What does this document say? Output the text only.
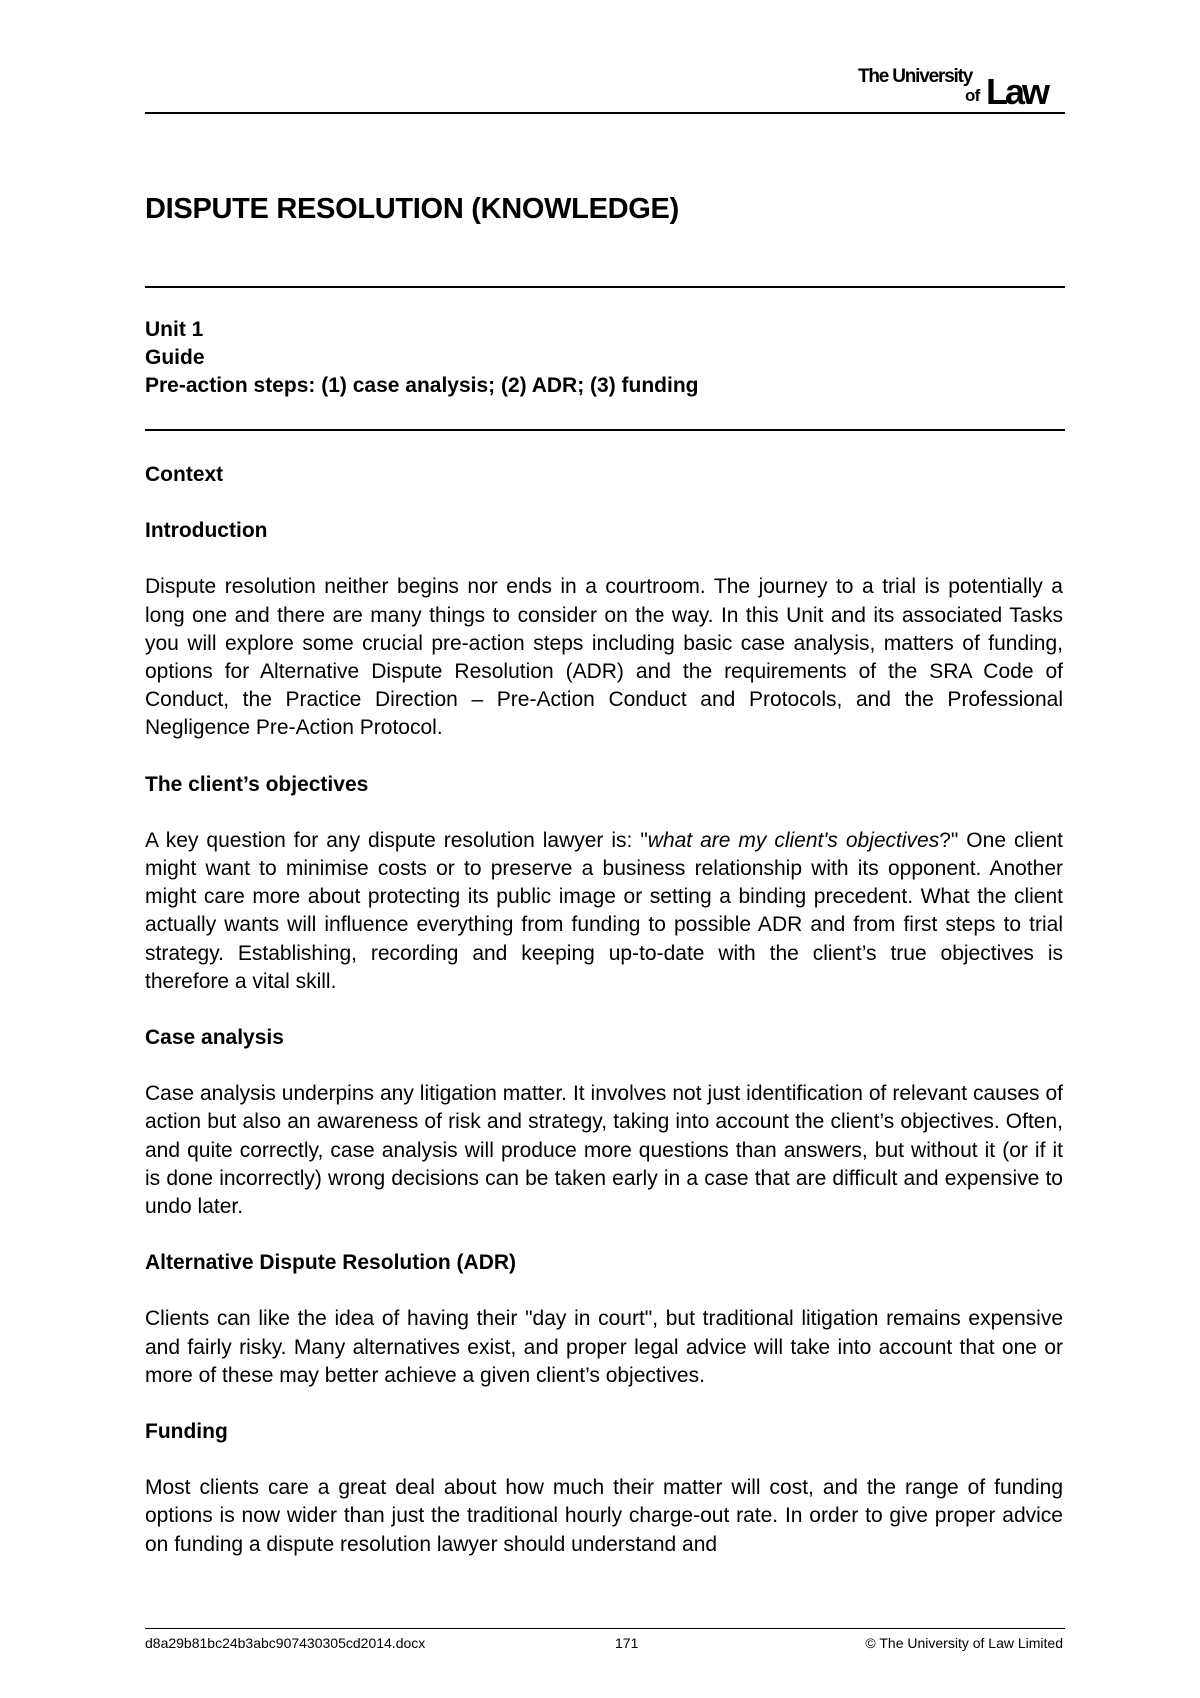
The University
of Law
DISPUTE RESOLUTION (KNOWLEDGE)
Unit 1
Guide
Pre-action steps: (1) case analysis; (2) ADR; (3) funding
Context
Introduction

Dispute resolution neither begins nor ends in a courtroom. The journey to a trial is potentially a long one and there are many things to consider on the way. In this Unit and its associated Tasks you will explore some crucial pre-action steps including basic case analysis, matters of funding, options for Alternative Dispute Resolution (ADR) and the requirements of the SRA Code of Conduct, the Practice Direction – Pre-Action Conduct and Protocols, and the Professional Negligence Pre-Action Protocol.

The client’s objectives

A key question for any dispute resolution lawyer is: "what are my client's objectives?" One client might want to minimise costs or to preserve a business relationship with its opponent. Another might care more about protecting its public image or setting a binding precedent. What the client actually wants will influence everything from funding to possible ADR and from first steps to trial strategy. Establishing, recording and keeping up-to-date with the client’s true objectives is therefore a vital skill.

Case analysis

Case analysis underpins any litigation matter. It involves not just identification of relevant causes of action but also an awareness of risk and strategy, taking into account the client’s objectives. Often, and quite correctly, case analysis will produce more questions than answers, but without it (or if it is done incorrectly) wrong decisions can be taken early in a case that are difficult and expensive to undo later.

Alternative Dispute Resolution (ADR)

Clients can like the idea of having their "day in court", but traditional litigation remains expensive and fairly risky. Many alternatives exist, and proper legal advice will take into account that one or more of these may better achieve a given client’s objectives.

Funding

Most clients care a great deal about how much their matter will cost, and the range of funding options is now wider than just the traditional hourly charge-out rate. In order to give proper advice on funding a dispute resolution lawyer should understand and

d8a29b81bc24b3abc907430305cd2014.docx	171	© The University of Law Limited
